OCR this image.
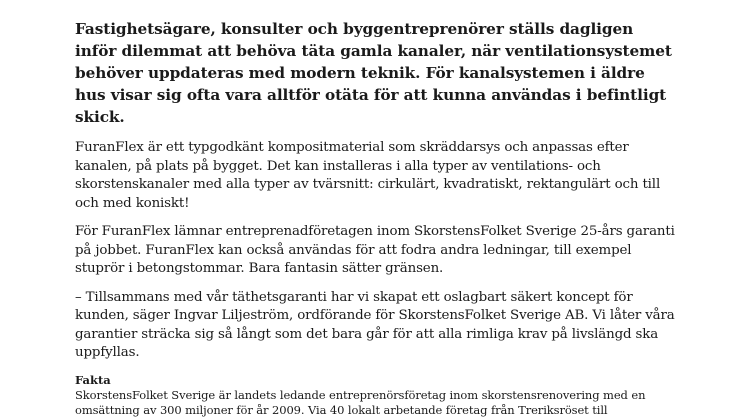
Fastighetsägare, konsulter och byggentreprenörer ställs dagligen inför dilemmat att behöva täta gamla kanaler, när ventilationsystemet behöver uppdateras med modern teknik. För kanalsystemen i äldre hus visar sig ofta vara alltför otäta för att kunna användas i befintligt skick.

FuranFlex är ett typgodkänt kompositmaterial som skräddarsys och anpassas efter kanalen, på plats på bygget. Det kan installeras i alla typer av ventilations- och skorstenskanaler med alla typer av tvärsnitt: cirkulärt, kvadratiskt, rektangulärt och till och med koniskt!

För FuranFlex lämnar entreprenadföretagen inom SkorstensFolket Sverige 25-års garanti på jobbet. FuranFlex kan också användas för att fodra andra ledningar, till exempel stuprör i betongstommar. Bara fantasin sätter gränsen.

– Tillsammans med vår täthetsgaranti har vi skapat ett oslagbart säkert koncept för kunden, säger Ingvar Liljeström, ordförande för SkorstensFolket Sverige AB. Vi låter våra garantier sträcka sig så långt som det bara går för att alla rimliga krav på livslängd ska uppfyllas.

Fakta

SkorstensFolket Sverige är landets ledande entreprenörsföretag inom skorstensrenovering med en omsättning av 300 miljoner för år 2009. Via 40 lokalt arbetande företag från Treriksröset till
